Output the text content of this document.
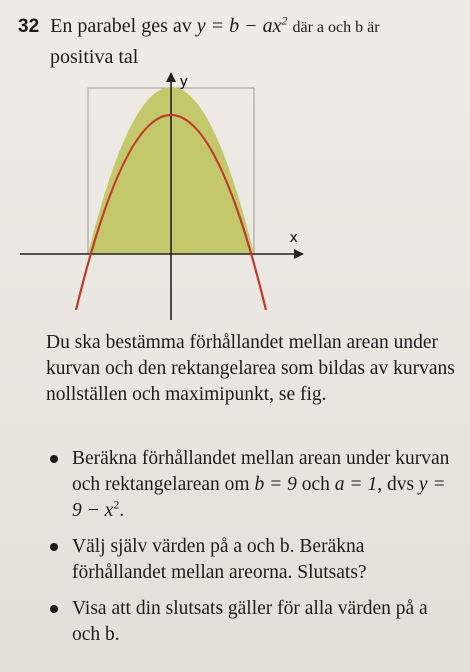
32 En parabel ges av $y = b - ax^2$ där a och b är
positiva tal
y
x
Du ska bestämma förhållandet mellan arean under kurvan och den rektangelarea som bildas av kurvans nollställen och maximipunkt, se fig.
Beräkna förhållandet mellan arean under kurvan och rektangelarean om b = 9 och a = 1, dvs $y = 9 - x^2$.
Välj själv värden på a och b. Beräkna förhållandet mellan areorna. Slutsats?
Visa att din slutsats gäller för alla värden på a och b.
